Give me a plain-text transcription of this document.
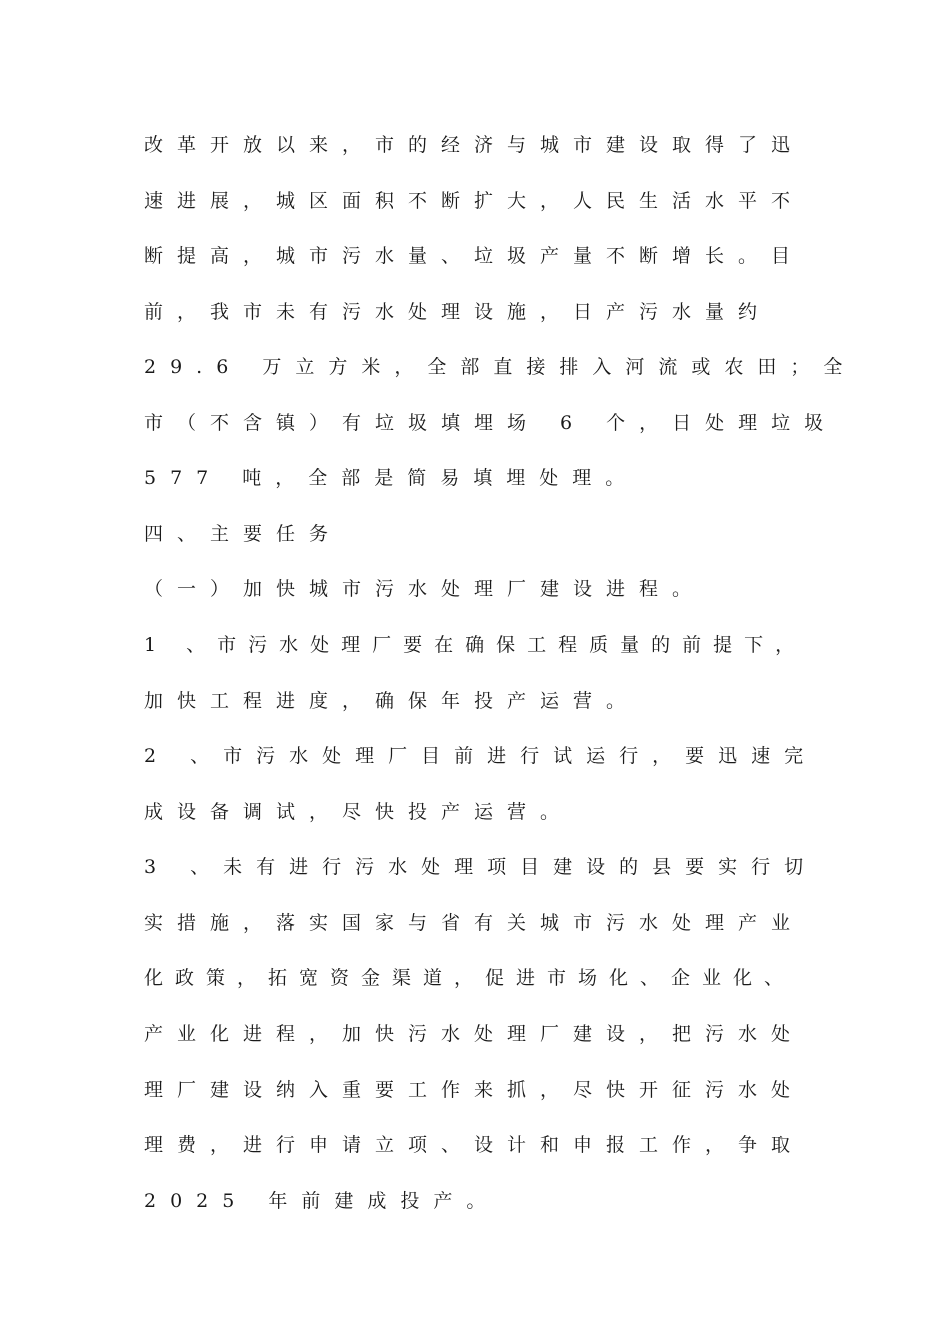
改革开放以来，市的经济与城市建设取得了迅
速进展，城区面积不断扩大，人民生活水平不
断提高，城市污水量、垃圾产量不断增长。目
前，我市未有污水处理设施，日产污水量约
29.6 万立方米，全部直接排入河流或农田；全
市（不含镇）有垃圾填埋场 6 个，日处理垃圾
577 吨，全部是简易填埋处理。
四、主要任务
（一）加快城市污水处理厂建设进程。
1 、市污水处理厂要在确保工程质量的前提下，
加快工程进度，确保年投产运营。
2 、市污水处理厂目前进行试运行，要迅速完
成设备调试，尽快投产运营。
3 、未有进行污水处理项目建设的县要实行切
实措施，落实国家与省有关城市污水处理产业
化政策，拓宽资金渠道，促进市场化、企业化、
产业化进程，加快污水处理厂建设，把污水处
理厂建设纳入重要工作来抓，尽快开征污水处
理费，进行申请立项、设计和申报工作，争取
2025 年前建成投产。
